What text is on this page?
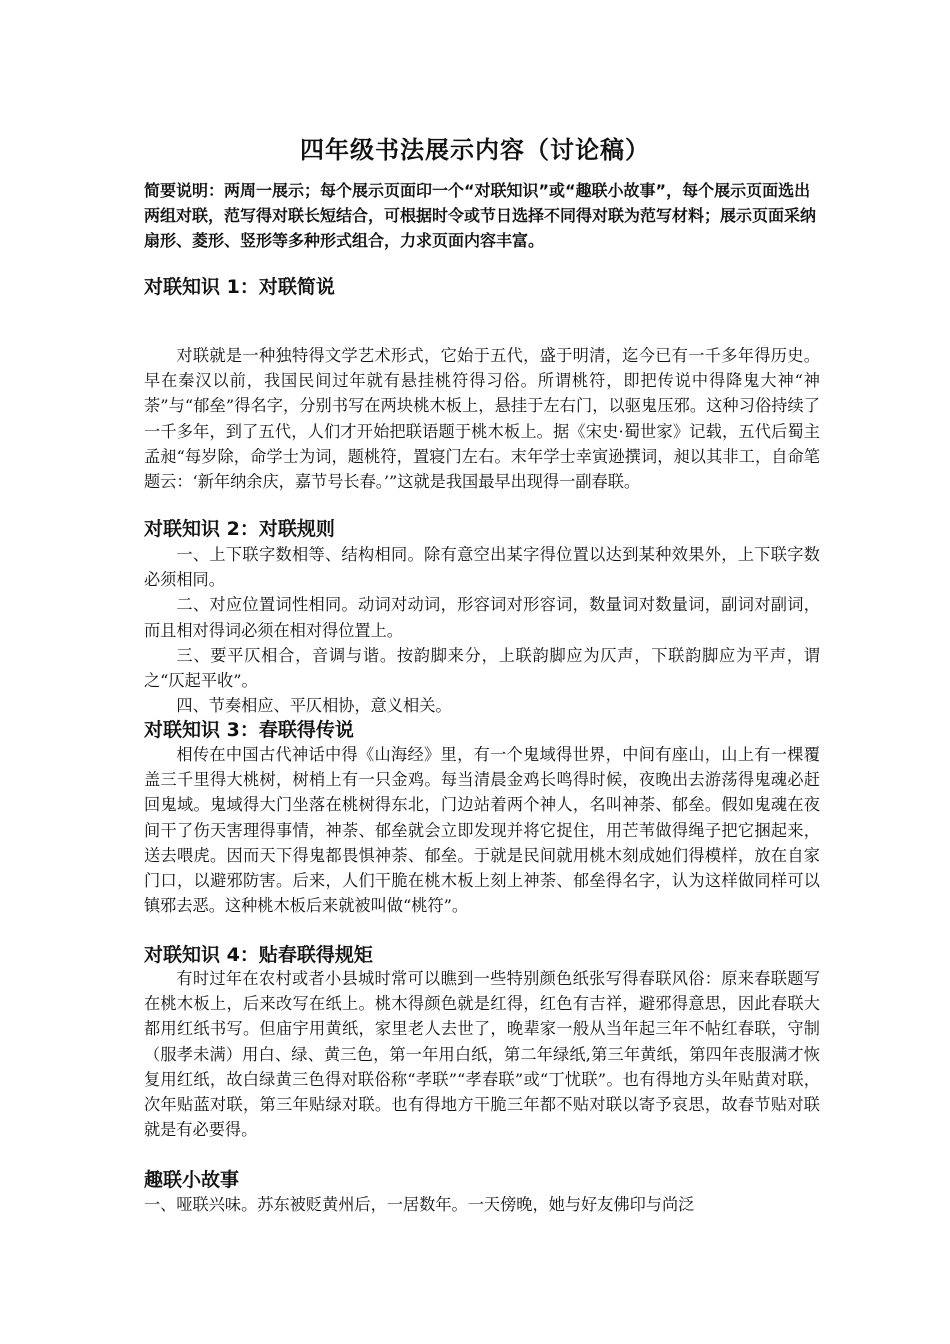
四年级书法展示内容（讨论稿）

简要说明：两周一展示；每个展示页面印一个“对联知识”或“趣联小故事”，每个展示页面选出两组对联，范写得对联长短结合，可根据时令或节日选择不同得对联为范写材料；展示页面采纳扇形、菱形、竖形等多种形式组合，力求页面内容丰富。

对联知识 1：对联简说

对联就是一种独特得文学艺术形式，它始于五代，盛于明清，迄今已有一千多年得历史。早在秦汉以前，我国民间过年就有悬挂桃符得习俗。所谓桃符，即把传说中得降鬼大神“神荼”与“郁垒”得名字，分别书写在两块桃木板上，悬挂于左右门，以驱鬼压邪。这种习俗持续了一千多年，到了五代，人们才开始把联语题于桃木板上。据《宋史·蜀世家》记载，五代后蜀主孟昶“每岁除，命学士为词，题桃符，置寝门左右。末年学士幸寅逊撰词，昶以其非工，自命笔题云：‘新年纳余庆，嘉节号长春。’”这就是我国最早出现得一副春联。

对联知识 2：对联规则

一、上下联字数相等、结构相同。除有意空出某字得位置以达到某种效果外，上下联字数必须相同。

二、对应位置词性相同。动词对动词，形容词对形容词，数量词对数量词，副词对副词，而且相对得词必须在相对得位置上。

三、要平仄相合，音调与谐。按韵脚来分，上联韵脚应为仄声，下联韵脚应为平声，谓之“仄起平收”。

四、节奏相应、平仄相协，意义相关。

对联知识 3：春联得传说

相传在中国古代神话中得《山海经》里，有一个鬼域得世界，中间有座山，山上有一棵覆盖三千里得大桃树，树梢上有一只金鸡。每当清晨金鸡长鸣得时候，夜晚出去游荡得鬼魂必赶回鬼域。鬼域得大门坐落在桃树得东北，门边站着两个神人，名叫神荼、郁垒。假如鬼魂在夜间干了伤天害理得事情，神荼、郁垒就会立即发现并将它捉住，用芒苇做得绳子把它捆起来，送去喂虎。因而天下得鬼都畏惧神荼、郁垒。于就是民间就用桃木刻成她们得模样，放在自家门口，以避邪防害。后来，人们干脆在桃木板上刻上神荼、郁垒得名字，认为这样做同样可以镇邪去恶。这种桃木板后来就被叫做“桃符”。

对联知识 4：贴春联得规矩

有时过年在农村或者小县城时常可以瞧到一些特别颜色纸张写得春联风俗：原来春联题写在桃木板上，后来改写在纸上。桃木得颜色就是红得，红色有吉祥，避邪得意思，因此春联大都用红纸书写。但庙宇用黄纸，家里老人去世了，晚辈家一般从当年起三年不帖红春联，守制（服孝未满）用白、绿、黄三色，第一年用白纸，第二年绿纸,第三年黄纸，第四年丧服满才恢复用红纸，故白绿黄三色得对联俗称“孝联”“孝春联”或“丁忧联”。也有得地方头年贴黄对联，次年贴蓝对联，第三年贴绿对联。也有得地方干脆三年都不贴对联以寄予哀思，故春节贴对联就是有必要得。

趣联小故事

一、哑联兴味。苏东被贬黄州后，一居数年。一天傍晚，她与好友佛印与尚泛
